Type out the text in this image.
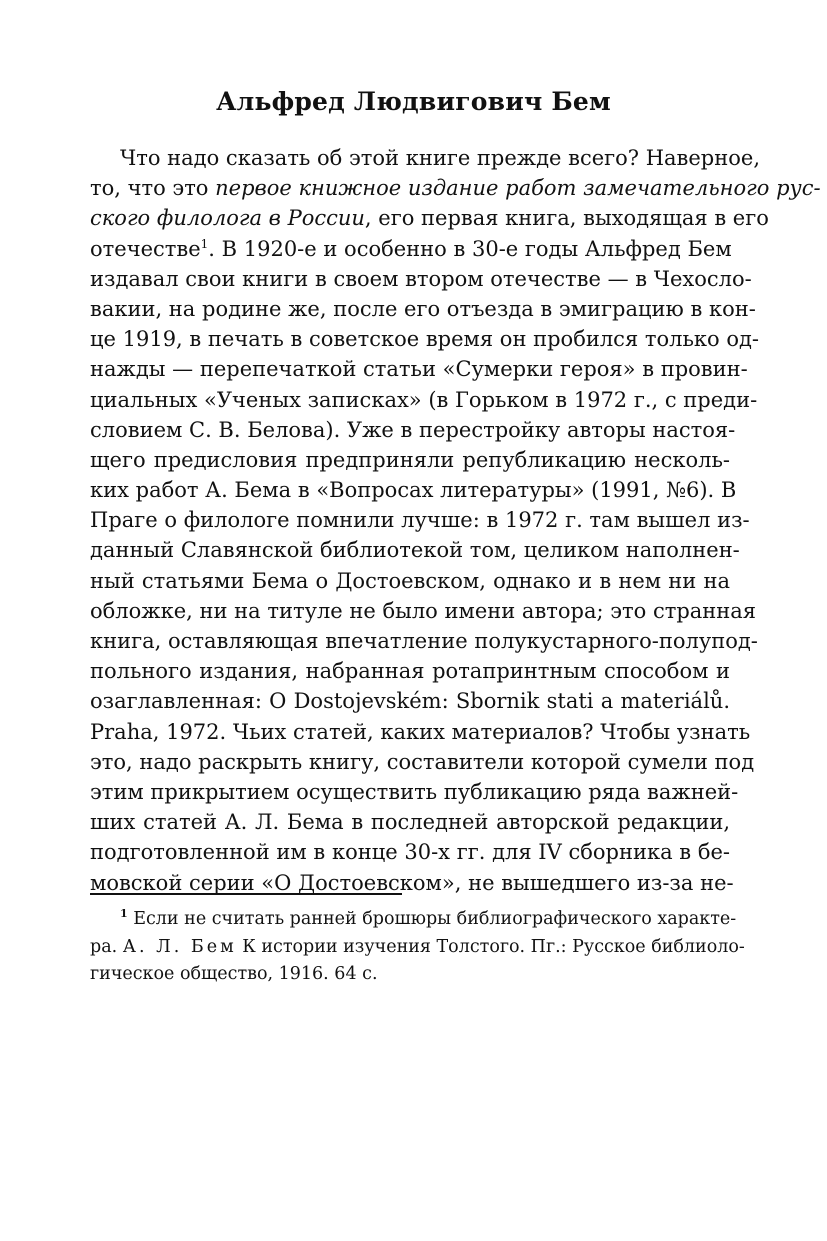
Альфред Людвигович Бем
Что надо сказать об этой книге прежде всего? Наверное,
то, что это первое книжное издание работ замечательного рус-
ского филолога в России, его первая книга, выходящая в его
отечестве$^1$. В 1920-е и особенно в 30-е годы Альфред Бем
издавал свои книги в своем втором отечестве — в Чехосло-
вакии, на родине же, после его отъезда в эмиграцию в кон-
це 1919, в печать в советское время он пробился только од-
нажды — перепечаткой статьи «Сумерки героя» в провин-
циальных «Ученых записках» (в Горьком в 1972 г., с преди-
словием С. В. Белова). Уже в перестройку авторы настоя-
щего предисловия предприняли републикацию несколь-
ких работ А. Бема в «Вопросах литературы» (1991, №6). В
Праге о филологе помнили лучше: в 1972 г. там вышел из-
данный Славянской библиотекой том, целиком наполнен-
ный статьями Бема о Достоевском, однако и в нем ни на
обложке, ни на титуле не было имени автора; это странная
книга, оставляющая впечатление полукустарного-полупод-
польного издания, набранная ротапринтным способом и
озаглавленная: O Dostojevském: Sbornik stati a materiálů.
Praha, 1972. Чьих статей, каких материалов? Чтобы узнать
это, надо раскрыть книгу, составители которой сумели под
этим прикрытием осуществить публикацию ряда важней-
ших статей А. Л. Бема в последней авторской редакции,
подготовленной им в конце 30-х гг. для IV сборника в бе-
мовской серии «О Достоевском», не вышедшего из-за не-
$^1$ Если не считать ранней брошюры библиографического характе-
ра. А. Л. Бем К истории изучения Толстого. Пг.: Русское библиоло-
гическое общество, 1916. 64 с.
